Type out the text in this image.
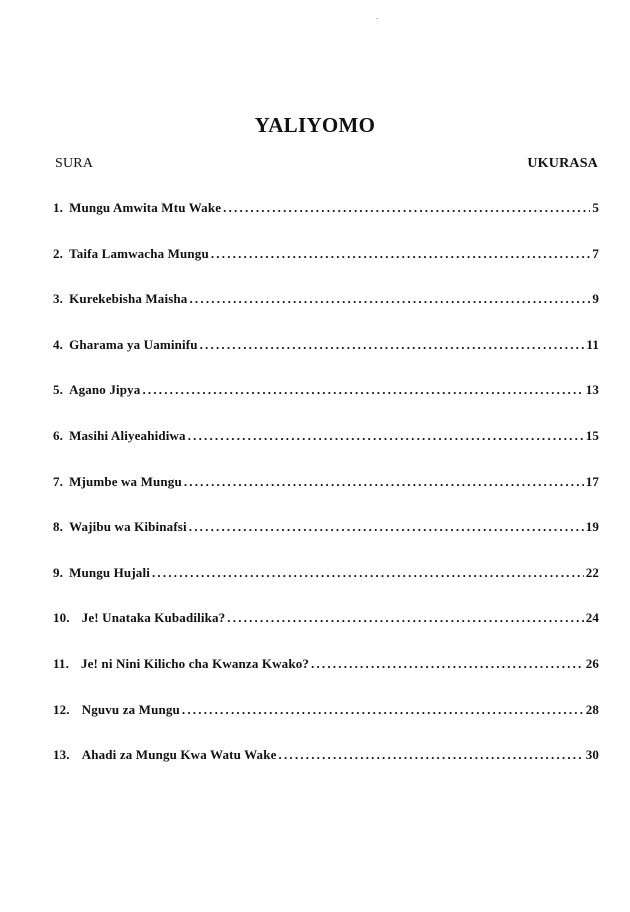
YALIYOMO
SURA	UKURASA
1. Mungu Amwita Mtu Wake .....	5
2. Taifa Lamwacha Mungu .....	7
3. Kurekebisha Maisha .....	9
4. Gharama ya Uaminifu .....	11
5. Agano Jipya .....	13
6. Masihi Aliyeahidiwa .....	15
7. Mjumbe wa Mungu .....	17
8. Wajibu wa Kibinafsi .....	19
9. Mungu Hujali .....	22
10. Je! Unataka Kubadilika? .....	24
11. Je! ni Nini Kilicho cha Kwanza Kwako? .....	26
12. Nguvu za Mungu .....	28
13. Ahadi za Mungu Kwa Watu Wake .....	30
